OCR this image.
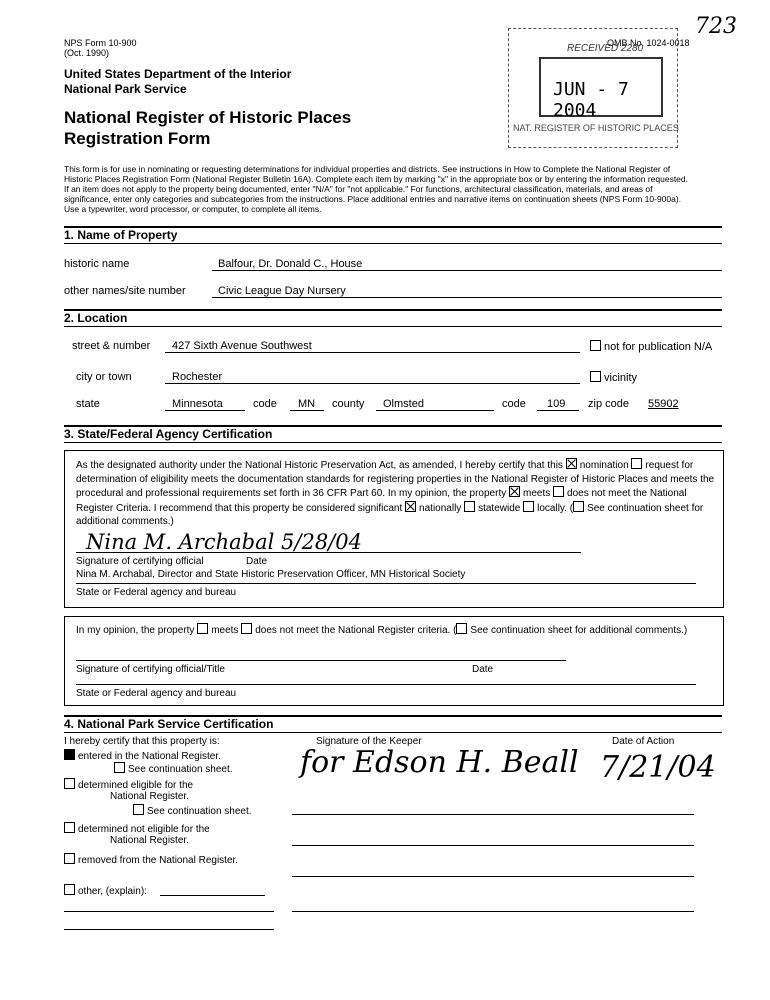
NPS Form 10-900
(Oct. 1990)
United States Department of the Interior
National Park Service
National Register of Historic Places
Registration Form
OMB No. 1024-0018
723
RECEIVED 2280
JUN - 7 2004
NAT. REGISTER OF HISTORIC PLACES
This form is for use in nominating or requesting determinations for individual properties and districts. See instructions in How to Complete the National Register of
Historic Places Registration Form (National Register Bulletin 16A). Complete each item by marking "x" in the appropriate box or by entering the information requested.
If an item does not apply to the property being documented, enter "N/A" for "not applicable." For functions, architectural classification, materials, and areas of
significance, enter only categories and subcategories from the instructions. Place additional entries and narrative items on continuation sheets (NPS Form 10-900a).
Use a typewriter, word processor, or computer, to complete all items.
1. Name of Property
historic name	Balfour, Dr. Donald C., House
other names/site number	Civic League Day Nursery
2. Location
street & number 427 Sixth Avenue Southwest	not for publication N/A
city or town	Rochester	vicinity
state	Minnesota	code MN county Olmsted	code 109 zip code 55902
3. State/Federal Agency Certification
As the designated authority under the National Historic Preservation Act, as amended, I hereby certify that this nomination request for
determination of eligibility meets the documentation standards for registering properties in the National Register of Historic Places and meets the
procedural and professional requirements set forth in 36 CFR Part 60. In my opinion, the property meets does not meet the National
Register Criteria. I recommend that this property be considered significant nationally statewide locally. ( See continuation sheet for
additional comments.)
Nina M. Archabal 5/28/04
Signature of certifying official	Date
Nina M. Archabal, Director and State Historic Preservation Officer, MN Historical Society
State or Federal agency and bureau
In my opinion, the property meets does not meet the National Register criteria. ( See continuation sheet for additional comments.)
Signature of certifying official/Title	Date
State or Federal agency and bureau
4. National Park Service Certification
I hereby certify that this property is:
entered in the National Register.
See continuation sheet.
determined eligible for the
National Register.
See continuation sheet.
determined not eligible for the
National Register.
removed from the National Register.
other, (explain):
Signature of the Keeper	Date of Action
for Edson H. Beall 7/21/04
